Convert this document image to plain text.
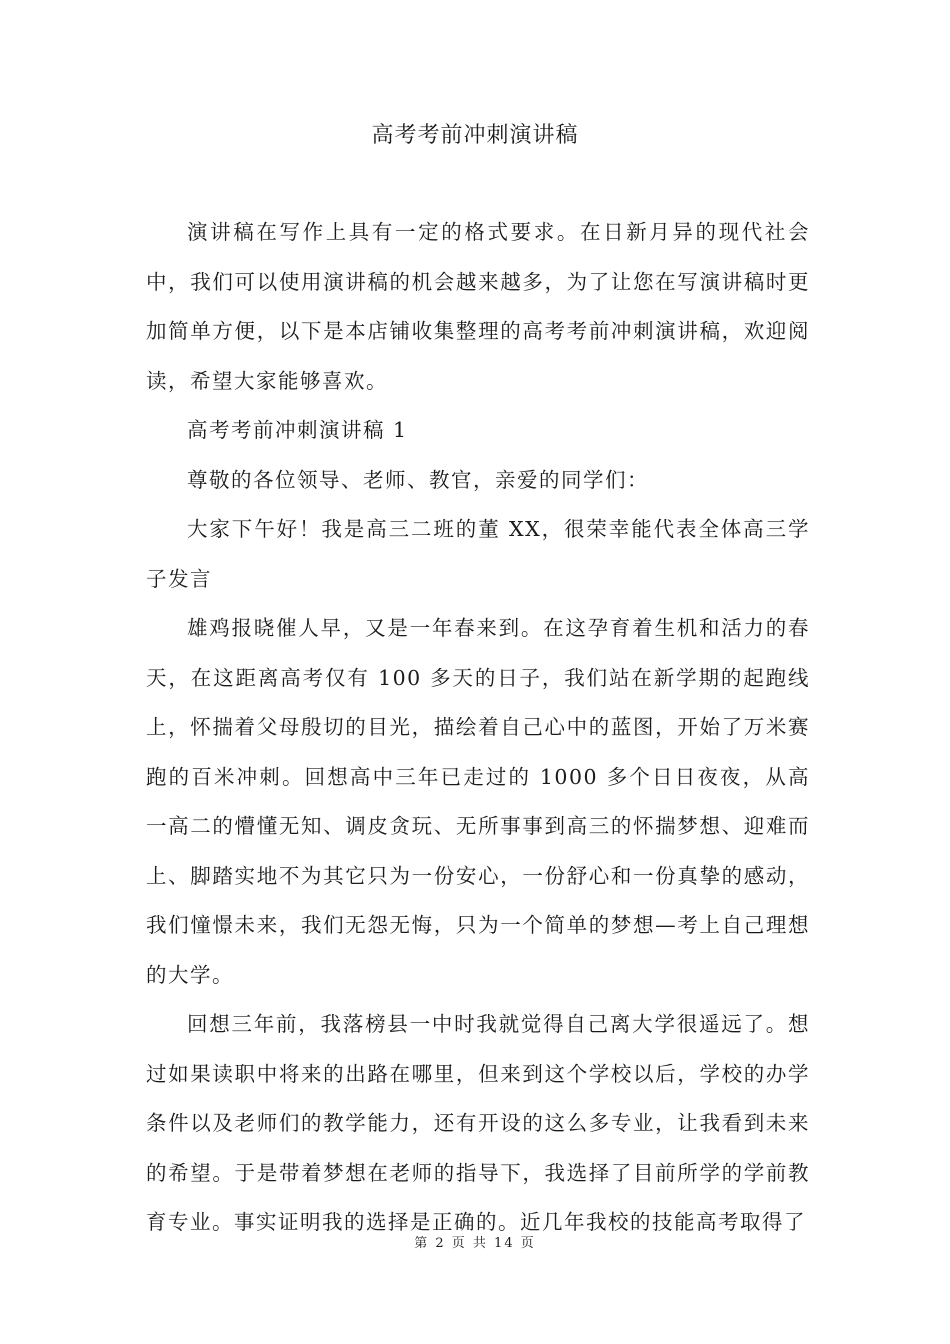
高考考前冲刺演讲稿

演讲稿在写作上具有一定的格式要求。在日新月异的现代社会中，我们可以使用演讲稿的机会越来越多，为了让您在写演讲稿时更加简单方便，以下是本店铺收集整理的高考考前冲刺演讲稿，欢迎阅读，希望大家能够喜欢。

高考考前冲刺演讲稿 1

尊敬的各位领导、老师、教官，亲爱的同学们：

大家下午好！我是高三二班的董 XX，很荣幸能代表全体高三学子发言

雄鸡报晓催人早，又是一年春来到。在这孕育着生机和活力的春天，在这距离高考仅有 100 多天的日子，我们站在新学期的起跑线上，怀揣着父母殷切的目光，描绘着自己心中的蓝图，开始了万米赛跑的百米冲刺。回想高中三年已走过的 1000 多个日日夜夜，从高一高二的懵懂无知、调皮贪玩、无所事事到高三的怀揣梦想、迎难而上、脚踏实地不为其它只为一份安心，一份舒心和一份真挚的感动，我们憧憬未来，我们无怨无悔，只为一个简单的梦想—考上自己理想的大学。

回想三年前，我落榜县一中时我就觉得自己离大学很遥远了。想过如果读职中将来的出路在哪里，但来到这个学校以后，学校的办学条件以及老师们的教学能力，还有开设的这么多专业，让我看到未来的希望。于是带着梦想在老师的指导下，我选择了目前所学的学前教育专业。事实证明我的选择是正确的。近几年我校的技能高考取得了

第 2 页 共 14 页
